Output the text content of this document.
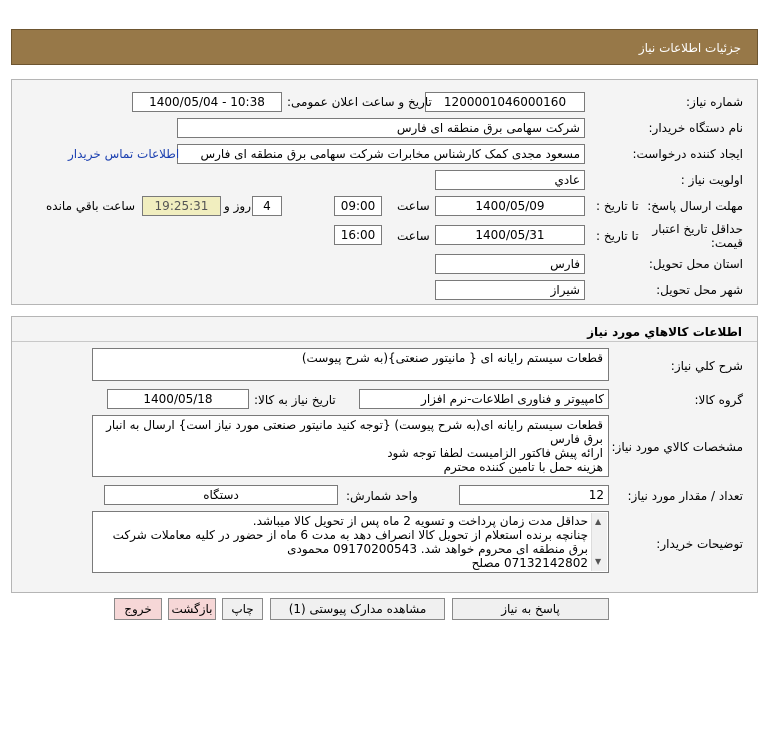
جزئیات اطلاعات نیاز
شماره نیاز:
1200001046000160
تاریخ و ساعت اعلان عمومی:
1400/05/04 - 10:38
نام دستگاه خریدار:
شرکت سهامی برق منطقه ای فارس
ایجاد کننده درخواست:
مسعود مجدی کمک کارشناس مخابرات شرکت سهامی برق منطقه ای فارس
اطلاعات تماس خریدار
اولویت نیاز :
عادي
مهلت ارسال پاسخ:
تا تاریخ :
1400/05/09
ساعت
09:00
4
روز و
19:25:31
ساعت باقي مانده
حداقل تاریخ اعتبار
قیمت:
تا تاریخ :
1400/05/31
ساعت
16:00
استان محل تحویل:
فارس
شهر محل تحویل:
شیراز
اطلاعات کالاهاي مورد نياز
شرح کلي نياز:
قطعات سیستم رایانه ای { مانیتور صنعتی}(به شرح پیوست)
گروه کالا:
کامپیوتر و فناوری اطلاعات-نرم افزار
تاریخ نیاز به کالا:
1400/05/18
مشخصات کالاي مورد نياز:
قطعات سیستم رایانه ای(به شرح پیوست) {توجه کنید مانیتور صنعتی مورد نیاز است} ارسال به انبار
برق فارس
ارائه پیش فاکتور الزامیست لطفا توجه شود
هزینه حمل با تامین کننده محترم
تعداد / مقدار مورد نیاز:
12
واحد شمارش:
دستگاه
توضیحات خریدار:
حداقل مدت زمان پرداخت و تسویه 2 ماه پس از تحویل کالا میباشد.
چنانچه برنده استعلام از تحویل کالا انصراف دهد به مدت 6 ماه از حضور در کلیه معاملات شرکت
برق منطقه ای محروم خواهد شد. 09170200543 محمودی
07132142802 مصلح
▲
▼
پاسخ به نیاز
مشاهده مدارک پیوستی (1)
چاپ
بازگشت
خروج
